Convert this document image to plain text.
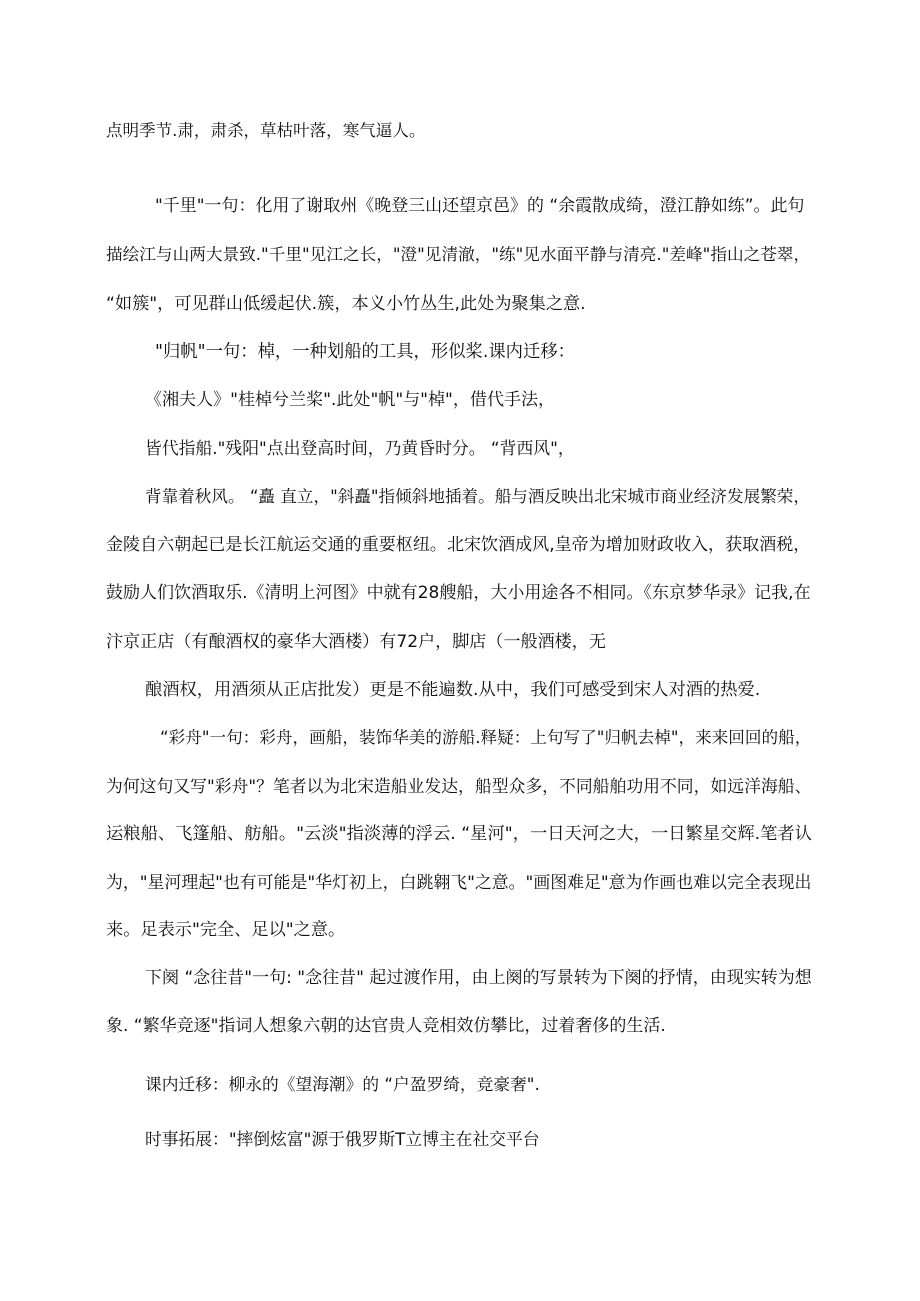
点明季节.肃，肃杀，草枯叶落，寒气逼人。
"千里"一句：化用了谢取州《晚登三山还望京邑》的 “余霞散成绮，澄江静如练”。此句
描绘江与山两大景致."千里"见江之长，"澄"见清澈，"练"见水面平静与清亮."差峰"指山之苍翠，
“如簇"，可见群山低缓起伏.簇，本义小竹丛生,此处为聚集之意.
"归帆"一句：棹，一种划船的工具，形似桨.课内迁移：
《湘夫人》"桂棹兮兰桨".此处"帆"与"棹"，借代手法，
皆代指船."残阳"点出登高时间，乃黄昏时分。 “背西风"，
背靠着秋风。 “矗 直立，"斜矗"指倾斜地插着。船与酒反映出北宋城市商业经济发展繁荣，
金陵自六朝起已是长江航运交通的重要枢纽。北宋饮酒成风,皇帝为增加财政收入，获取酒税，
鼓励人们饮酒取乐.《清明上河图》中就有28艘船，大小用途各不相同。《东京梦华录》记我,在
汴京正店（有酿酒权的豪华大酒楼）有72户，脚店（一般酒楼，无
酿酒权，用酒须从正店批发）更是不能遍数.从中，我们可感受到宋人对酒的热爱.
“彩舟"一句：彩舟，画船，装饰华美的游船.释疑：上句写了"归帆去棹"，来来回回的船，
为何这句又写"彩舟"？笔者以为北宋造船业发达，船型众多，不同船舶功用不同，如远洋海船、
运粮船、飞篷船、舫船。"云淡"指淡薄的浮云. “星河"，一日天河之大，一日繁星交辉.笔者认
为，"星河理起"也有可能是"华灯初上，白跳翱飞"之意。"画图难足"意为作画也难以完全表现出
来。足表示"完全、足以"之意。
下阕 “念往昔"一句: "念往昔" 起过渡作用，由上阕的写景转为下阕的抒情，由现实转为想
象. “繁华竞逐"指词人想象六朝的达官贵人竞相效仿攀比，过着奢侈的生活.
课内迁移：柳永的《望海潮》的 “户盈罗绮，竞豪奢".
时事拓展："摔倒炫富"源于俄罗斯T立博主在社交平台
